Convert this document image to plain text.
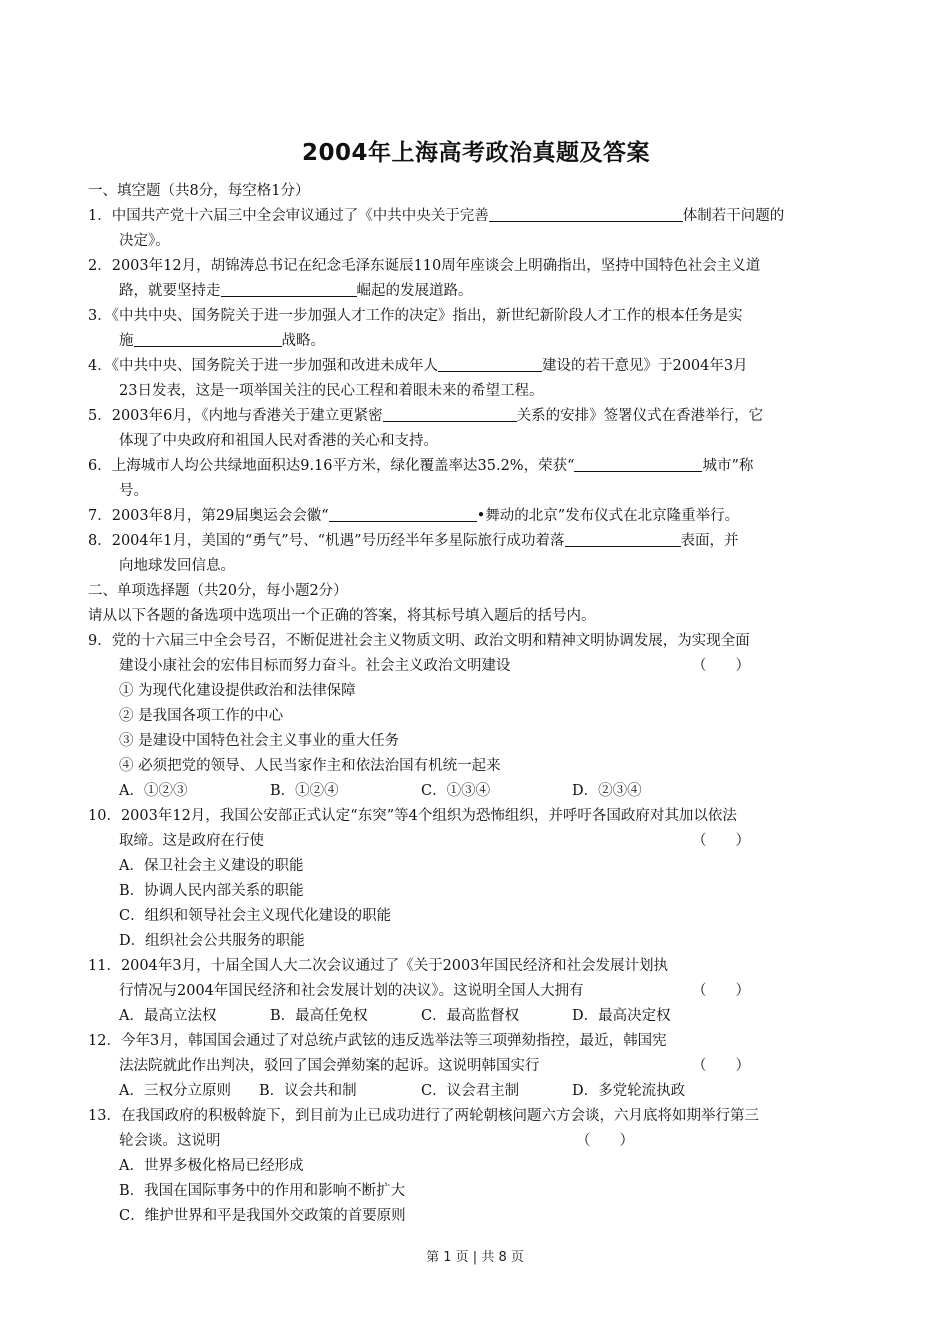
2004年上海高考政治真题及答案
一、填空题（共8分，每空格1分）
1．中国共产党十六届三中全会审议通过了《中共中央关于完善	体制若干问题的
决定》。
2．2003年12月，胡锦涛总书记在纪念毛泽东诞辰110周年座谈会上明确指出，坚持中国特色社会主义道
路，就要坚持走	崛起的发展道路。
3．《中共中央、国务院关于进一步加强人才工作的决定》指出，新世纪新阶段人才工作的根本任务是实
施	战略。
4．《中共中央、国务院关于进一步加强和改进未成年人	建设的若干意见》于2004年3月
23日发表，这是一项举国关注的民心工程和着眼未来的希望工程。
5．2003年6月，《内地与香港关于建立更紧密	关系的安排》签署仪式在香港举行，它
体现了中央政府和祖国人民对香港的关心和支持。
6．上海城市人均公共绿地面积达9.16平方米，绿化覆盖率达35.2%，荣获“	城市”称
号。
7．2003年8月，第29届奥运会会徽“	•舞动的北京”发布仪式在北京隆重举行。
8．2004年1月，美国的“勇气”号、“机遇”号历经半年多星际旅行成功着落	表面，并
向地球发回信息。
二、单项选择题（共20分，每小题2分）
请从以下各题的备选项中选项出一个正确的答案，将其标号填入题后的括号内。
9．党的十六届三中全会号召，不断促进社会主义物质文明、政治文明和精神文明协调发展，为实现全面
建设小康社会的宏伟目标而努力奋斗。社会主义政治文明建设	（　　）
① 为现代化建设提供政治和法律保障
② 是我国各项工作的中心
③ 是建设中国特色社会主义事业的重大任务
④ 必须把党的领导、人民当家作主和依法治国有机统一起来
A．①②③	B．①②④	C．①③④	D．②③④
10．2003年12月，我国公安部正式认定“东突”等4个组织为恐怖组织，并呼吁各国政府对其加以依法
取缔。这是政府在行使	（　　）
A．保卫社会主义建设的职能
B．协调人民内部关系的职能
C．组织和领导社会主义现代化建设的职能
D．组织社会公共服务的职能
11．2004年3月，十届全国人大二次会议通过了《关于2003年国民经济和社会发展计划执
行情况与2004年国民经济和社会发展计划的决议》。这说明全国人大拥有	（　　）
A．最高立法权	B．最高任免权	C．最高监督权	D．最高决定权
12．今年3月，韩国国会通过了对总统卢武铉的违反选举法等三项弹劾指控，最近，韩国宪
法法院就此作出判决，驳回了国会弹劾案的起诉。这说明韩国实行	（　　）
A．三权分立原则 B．议会共和制	C．议会君主制	D．多党轮流执政
13．在我国政府的积极斡旋下，到目前为止已成功进行了两轮朝核问题六方会谈，六月底将如期举行第三
轮会谈。这说明	（　　）
A．世界多极化格局已经形成
B．我国在国际事务中的作用和影响不断扩大
C．维护世界和平是我国外交政策的首要原则
第 1 页 | 共 8 页
